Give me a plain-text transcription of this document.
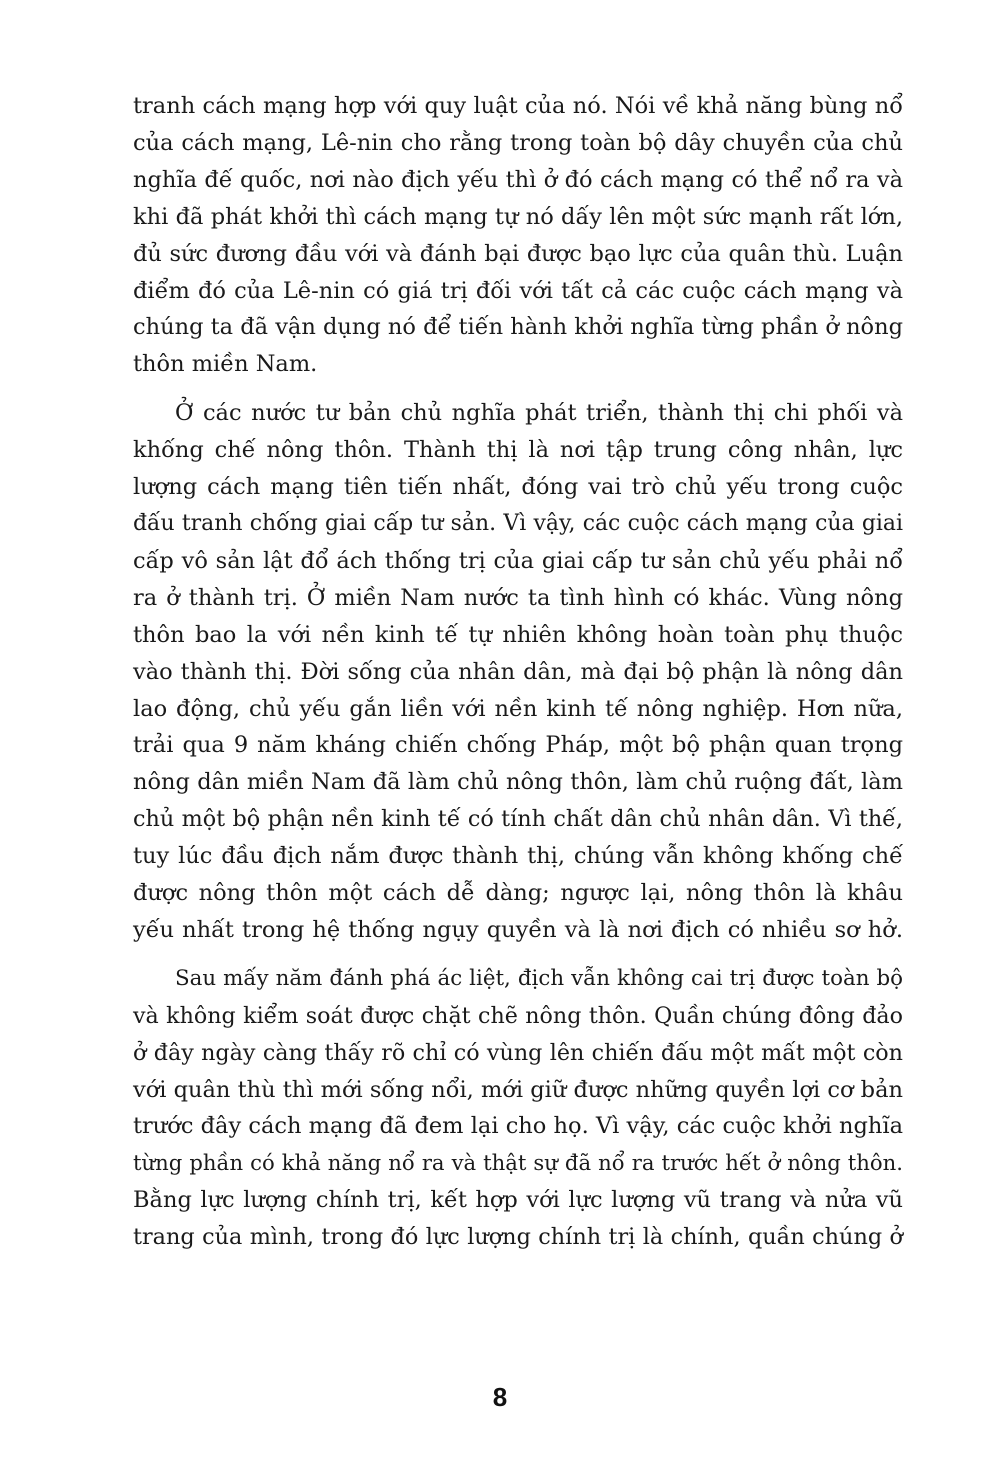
tranh cách mạng hợp với quy luật của nó. Nói về khả năng bùng nổ
của cách mạng, Lê-nin cho rằng trong toàn bộ dây chuyền của chủ
nghĩa đế quốc, nơi nào địch yếu thì ở đó cách mạng có thể nổ ra và
khi đã phát khởi thì cách mạng tự nó dấy lên một sức mạnh rất lớn,
đủ sức đương đầu với và đánh bại được bạo lực của quân thù. Luận
điểm đó của Lê-nin có giá trị đối với tất cả các cuộc cách mạng và
chúng ta đã vận dụng nó để tiến hành khởi nghĩa từng phần ở nông
thôn miền Nam.
Ở các nước tư bản chủ nghĩa phát triển, thành thị chi phối và
khống chế nông thôn. Thành thị là nơi tập trung công nhân, lực
lượng cách mạng tiên tiến nhất, đóng vai trò chủ yếu trong cuộc
đấu tranh chống giai cấp tư sản. Vì vậy, các cuộc cách mạng của giai
cấp vô sản lật đổ ách thống trị của giai cấp tư sản chủ yếu phải nổ
ra ở thành trị. Ở miền Nam nước ta tình hình có khác. Vùng nông
thôn bao la với nền kinh tế tự nhiên không hoàn toàn phụ thuộc
vào thành thị. Đời sống của nhân dân, mà đại bộ phận là nông dân
lao động, chủ yếu gắn liền với nền kinh tế nông nghiệp. Hơn nữa,
trải qua 9 năm kháng chiến chống Pháp, một bộ phận quan trọng
nông dân miền Nam đã làm chủ nông thôn, làm chủ ruộng đất, làm
chủ một bộ phận nền kinh tế có tính chất dân chủ nhân dân. Vì thế,
tuy lúc đầu địch nắm được thành thị, chúng vẫn không khống chế
được nông thôn một cách dễ dàng; ngược lại, nông thôn là khâu
yếu nhất trong hệ thống ngụy quyền và là nơi địch có nhiều sơ hở.
Sau mấy năm đánh phá ác liệt, địch vẫn không cai trị được toàn bộ
và không kiểm soát được chặt chẽ nông thôn. Quần chúng đông đảo
ở đây ngày càng thấy rõ chỉ có vùng lên chiến đấu một mất một còn
với quân thù thì mới sống nổi, mới giữ được những quyền lợi cơ bản
trước đây cách mạng đã đem lại cho họ. Vì vậy, các cuộc khởi nghĩa
từng phần có khả năng nổ ra và thật sự đã nổ ra trước hết ở nông thôn.
Bằng lực lượng chính trị, kết hợp với lực lượng vũ trang và nửa vũ
trang của mình, trong đó lực lượng chính trị là chính, quần chúng ở
8
